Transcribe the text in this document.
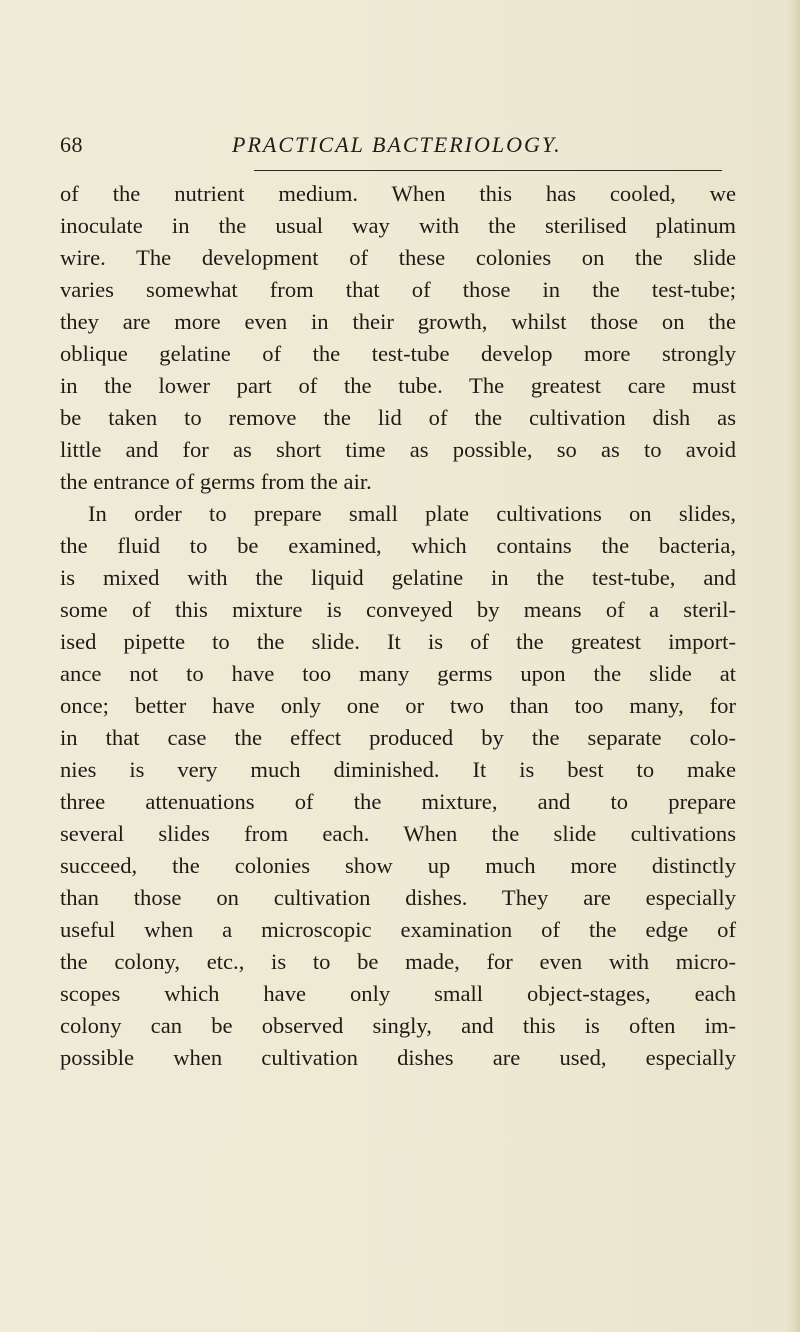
68	PRACTICAL BACTERIOLOGY.
of the nutrient medium. When this has cooled, we
inoculate in the usual way with the sterilised platinum
wire. The development of these colonies on the slide
varies somewhat from that of those in the test-tube;
they are more even in their growth, whilst those on the
oblique gelatine of the test-tube develop more strongly
in the lower part of the tube. The greatest care must
be taken to remove the lid of the cultivation dish as
little and for as short time as possible, so as to avoid
the entrance of germs from the air.
In order to prepare small plate cultivations on slides,
the fluid to be examined, which contains the bacteria,
is mixed with the liquid gelatine in the test-tube, and
some of this mixture is conveyed by means of a steril-
ised pipette to the slide. It is of the greatest import-
ance not to have too many germs upon the slide at
once; better have only one or two than too many, for
in that case the effect produced by the separate colo-
nies is very much diminished. It is best to make
three attenuations of the mixture, and to prepare
several slides from each. When the slide cultivations
succeed, the colonies show up much more distinctly
than those on cultivation dishes. They are especially
useful when a microscopic examination of the edge of
the colony, etc., is to be made, for even with micro-
scopes which have only small object-stages, each
colony can be observed singly, and this is often im-
possible when cultivation dishes are used, especially
